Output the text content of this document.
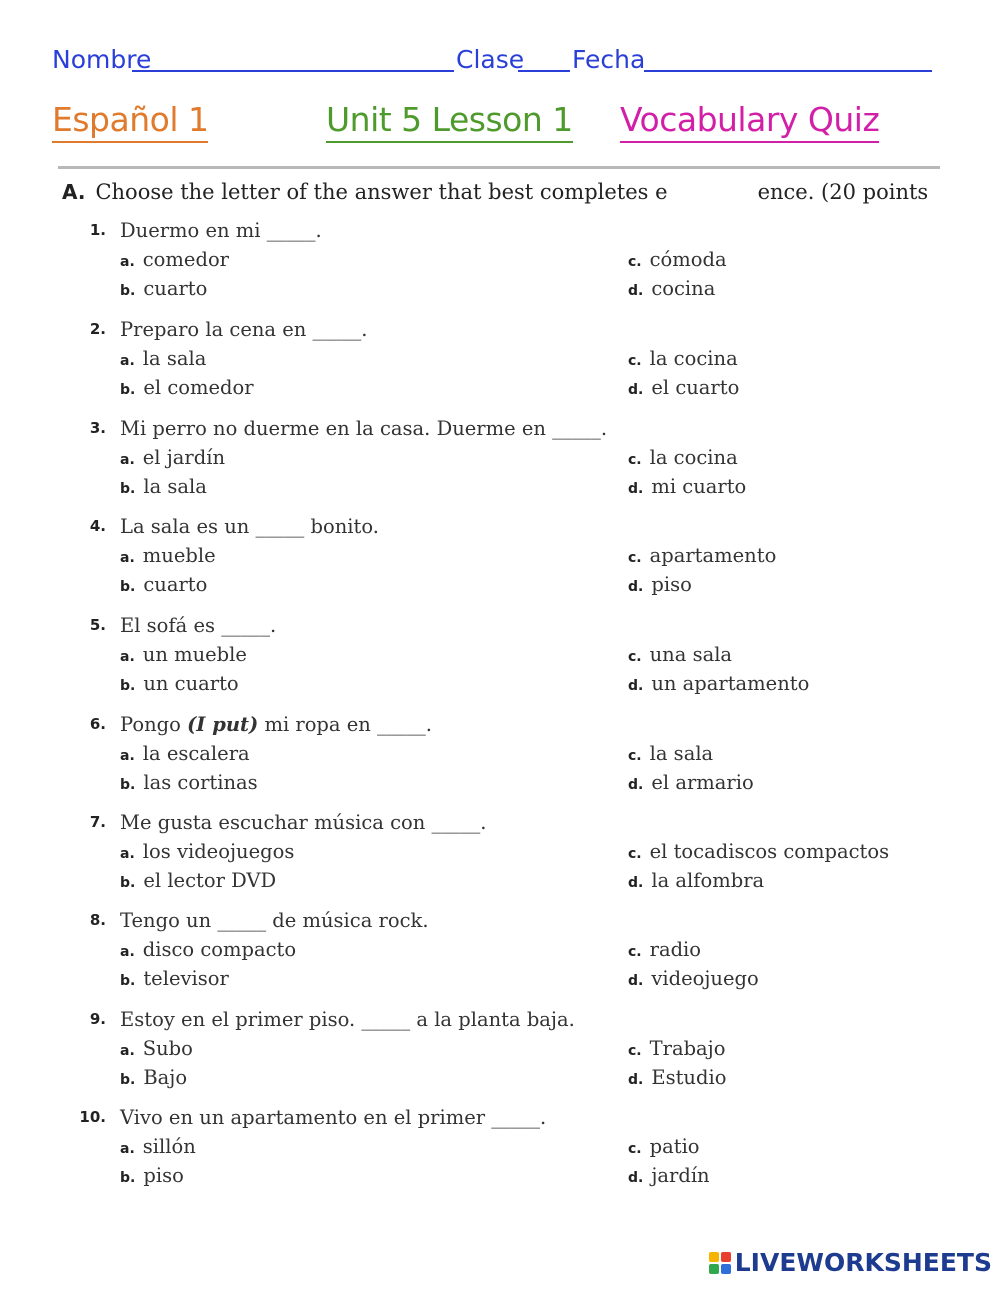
Nombre	Clase Fecha
Español 1	Unit 5 Lesson 1 Vocabulary Quiz
A. Choose the letter of the answer that best completes e	ence. (20 points
1. Duermo en mi _____.
a. comedor
b. cuarto
c. cómoda
d. cocina
2. Preparo la cena en _____.
a. la sala
b. el comedor
c. la cocina
d. el cuarto
3. Mi perro no duerme en la casa. Duerme en _____.
a. el jardín
b. la sala
c. la cocina
d. mi cuarto
4. La sala es un _____ bonito.
a. mueble
b. cuarto
c. apartamento
d. piso
5. El sofá es _____.
a. un mueble
b. un cuarto
c. una sala
d. un apartamento
6. Pongo (I put) mi ropa en _____.
a. la escalera
b. las cortinas
c. la sala
d. el armario
7. Me gusta escuchar música con _____.
a. los videojuegos
b. el lector DVD
c. el tocadiscos compactos
d. la alfombra
8. Tengo un _____ de música rock.
a. disco compacto
b. televisor
c. radio
d. videojuego
9. Estoy en el primer piso. _____ a la planta baja.
a. Subo
b. Bajo
c. Trabajo
d. Estudio
10. Vivo en un apartamento en el primer _____.
a. sillón
b. piso
c. patio
d. jardín
LIVEWORKSHEETS
